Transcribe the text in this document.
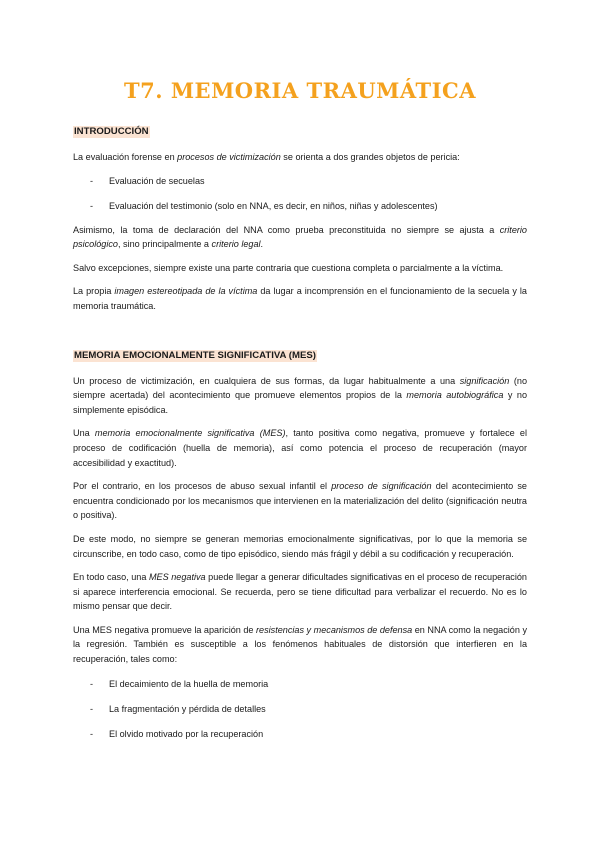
T7. MEMORIA TRAUMÁTICA
INTRODUCCIÓN

La evaluación forense en procesos de victimización se orienta a dos grandes objetos de pericia:

- Evaluación de secuelas
- Evaluación del testimonio (solo en NNA, es decir, en niños, niñas y adolescentes)

Asimismo, la toma de declaración del NNA como prueba preconstituida no siempre se ajusta a criterio psicológico, sino principalmente a criterio legal.

Salvo excepciones, siempre existe una parte contraria que cuestiona completa o parcialmente a la víctima.

La propia imagen estereotipada de la víctima da lugar a incomprensión en el funcionamiento de la secuela y la memoria traumática.

MEMORIA EMOCIONALMENTE SIGNIFICATIVA (MES)

Un proceso de victimización, en cualquiera de sus formas, da lugar habitualmente a una significación (no siempre acertada) del acontecimiento que promueve elementos propios de la memoria autobiográfica y no simplemente episódica.

Una memoria emocionalmente significativa (MES), tanto positiva como negativa, promueve y fortalece el proceso de codificación (huella de memoria), así como potencia el proceso de recuperación (mayor accesibilidad y exactitud).

Por el contrario, en los procesos de abuso sexual infantil el proceso de significación del acontecimiento se encuentra condicionado por los mecanismos que intervienen en la materialización del delito (significación neutra o positiva).

De este modo, no siempre se generan memorias emocionalmente significativas, por lo que la memoria se circunscribe, en todo caso, como de tipo episódico, siendo más frágil y débil a su codificación y recuperación.

En todo caso, una MES negativa puede llegar a generar dificultades significativas en el proceso de recuperación si aparece interferencia emocional. Se recuerda, pero se tiene dificultad para verbalizar el recuerdo. No es lo mismo pensar que decir.

Una MES negativa promueve la aparición de resistencias y mecanismos de defensa en NNA como la negación y la regresión. También es susceptible a los fenómenos habituales de distorsión que interfieren en la recuperación, tales como:

- El decaimiento de la huella de memoria
- La fragmentación y pérdida de detalles
- El olvido motivado por la recuperación
